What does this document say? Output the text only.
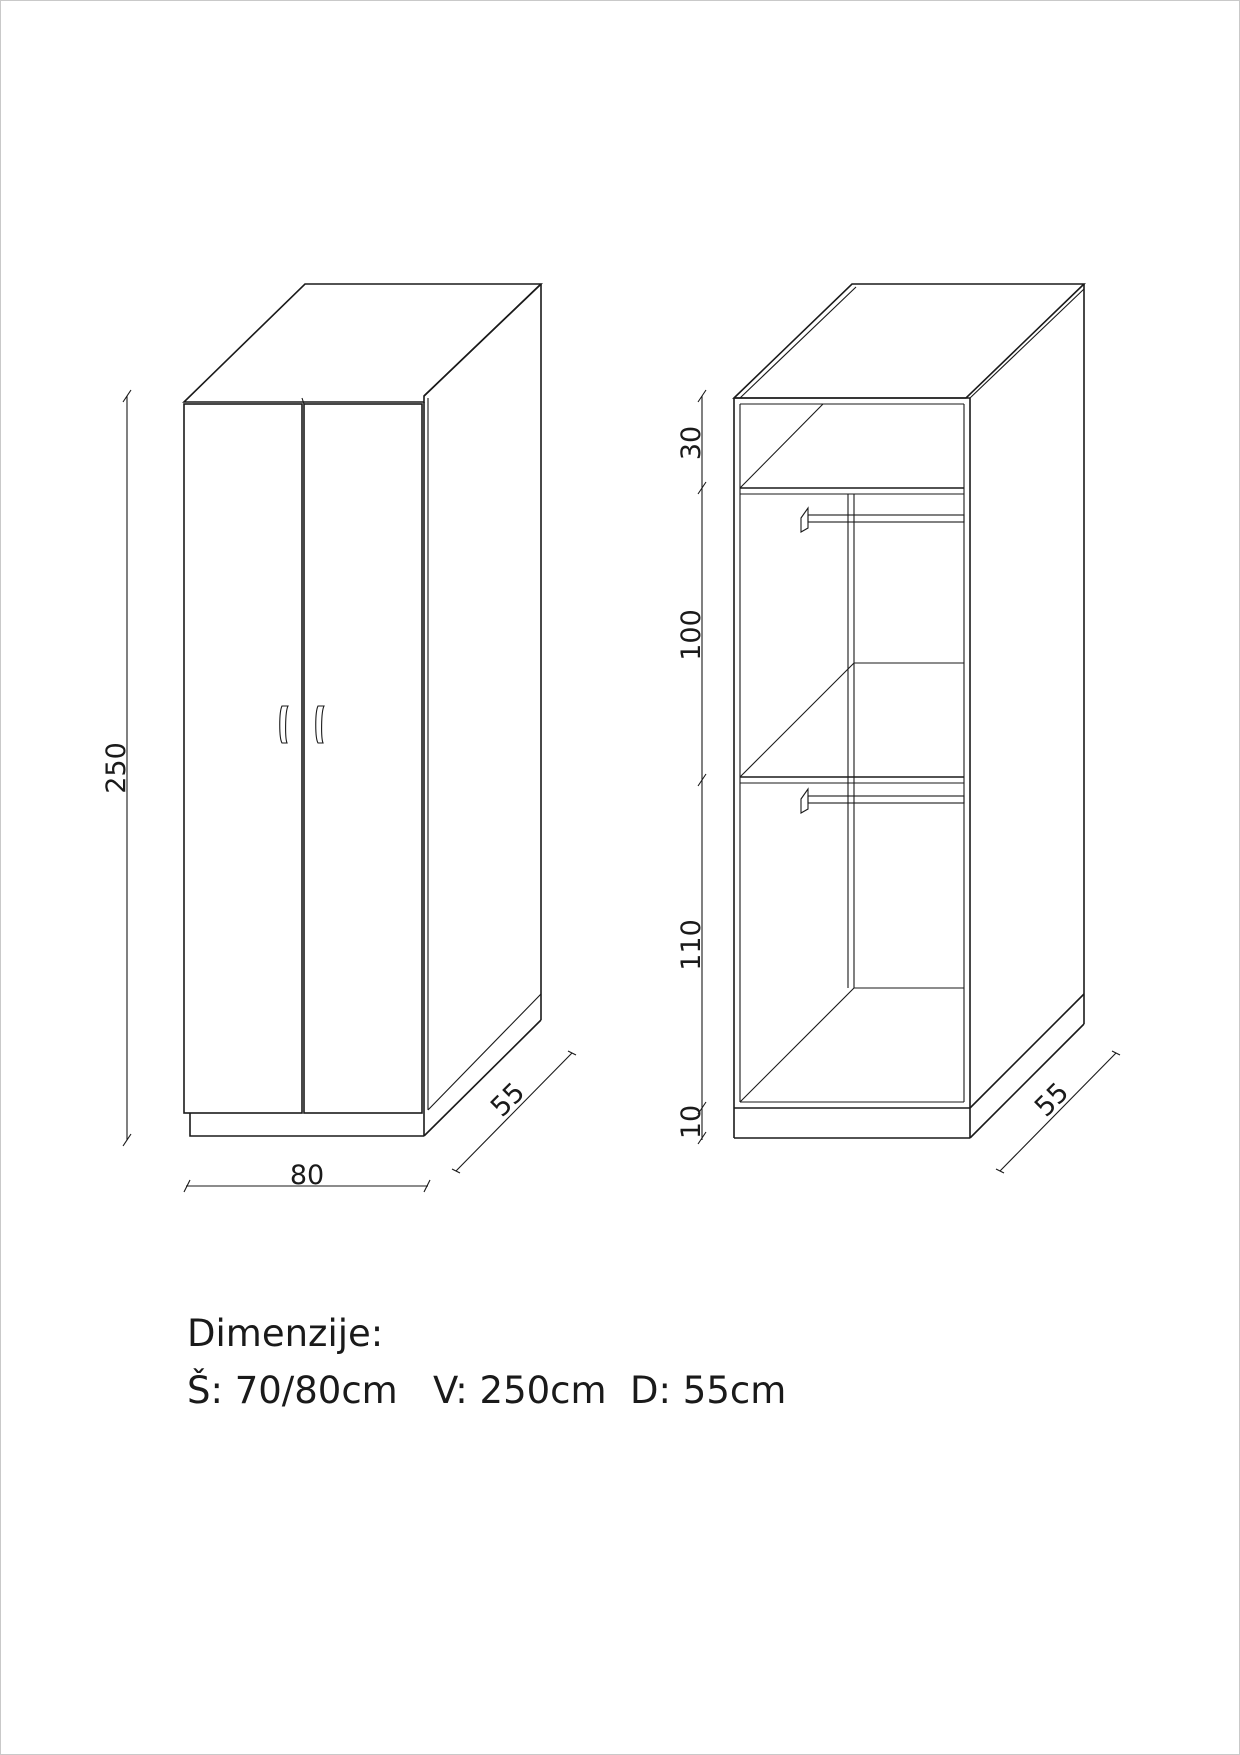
250
80
55
30
100
110
10	55
Dimenzije:
Š: 70/80cm   V: 250cm  D: 55cm
